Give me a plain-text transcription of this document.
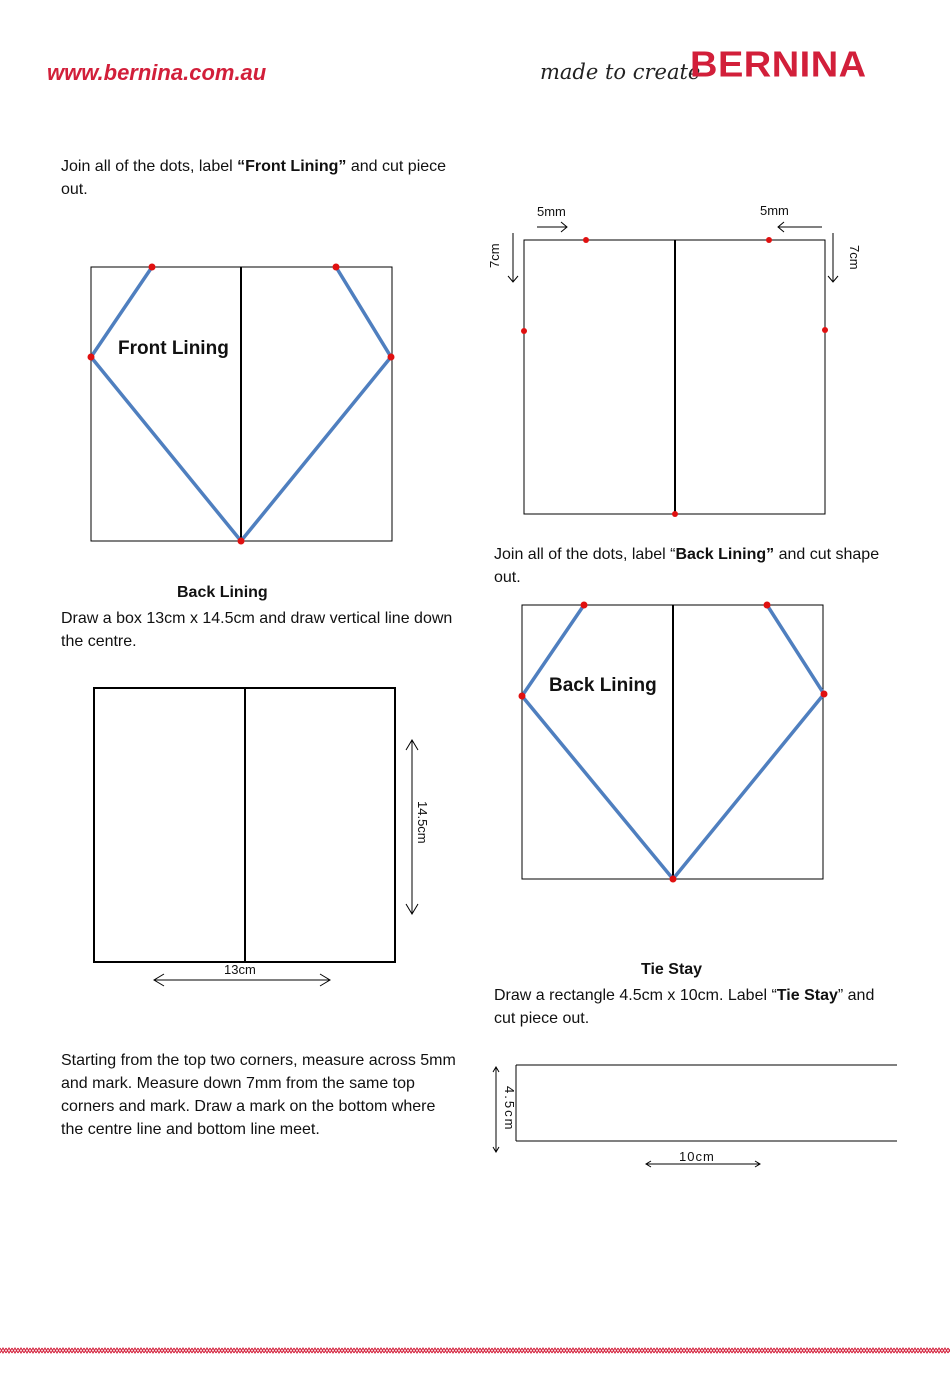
www.bernina.com.au	made to create
BERNINA
Join all of the dots, label “Front Lining” and cut piece out.
Front Lining
Back Lining
Draw a box 13cm x 14.5cm and draw vertical line down the centre.
14.5cm
13cm
Starting from the top two corners, measure across 5mm and mark. Measure down 7mm from the same top corners and mark. Draw a mark on the bottom where the centre line and bottom line meet.
5mm	5mm
7cm	7cm
Join all of the dots, label “Back Lining” and cut shape out.
Back Lining
Tie Stay
Draw a rectangle 4.5cm x 10cm. Label “Tie Stay” and cut piece out.
4.5cm
10cm
